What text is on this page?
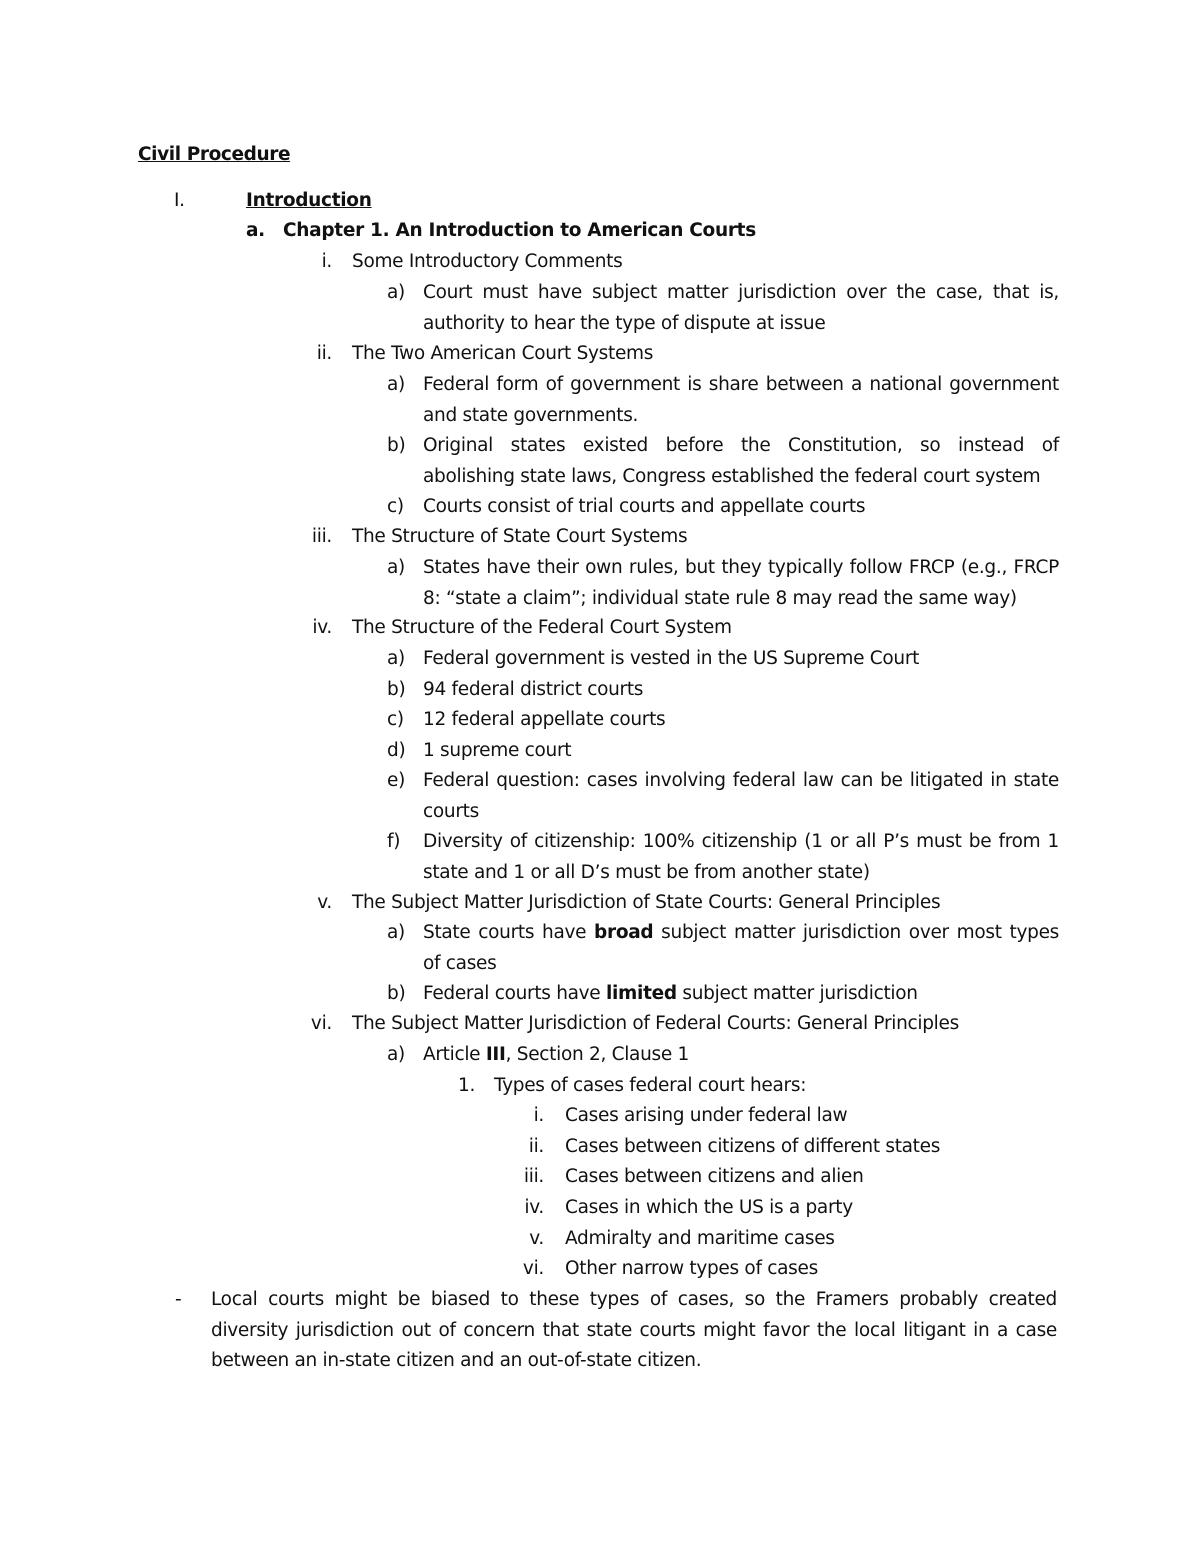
Civil Procedure
I.	Introduction
a. Chapter 1. An Introduction to American Courts
i. Some Introductory Comments
a) Court must have subject matter jurisdiction over the case, that is, authority to hear the type of dispute at issue
ii. The Two American Court Systems
a) Federal form of government is share between a national government and state governments.
b) Original states existed before the Constitution, so instead of abolishing state laws, Congress established the federal court system
c) Courts consist of trial courts and appellate courts
iii. The Structure of State Court Systems
a) States have their own rules, but they typically follow FRCP (e.g., FRCP 8: “state a claim”; individual state rule 8 may read the same way)
iv. The Structure of the Federal Court System
a) Federal government is vested in the US Supreme Court
b) 94 federal district courts
c) 12 federal appellate courts
d) 1 supreme court
e) Federal question: cases involving federal law can be litigated in state courts
f) Diversity of citizenship: 100% citizenship (1 or all P’s must be from 1 state and 1 or all D’s must be from another state)
v. The Subject Matter Jurisdiction of State Courts: General Principles
a) State courts have broad subject matter jurisdiction over most types of cases
b) Federal courts have limited subject matter jurisdiction
vi. The Subject Matter Jurisdiction of Federal Courts: General Principles
a) Article III, Section 2, Clause 1
1. Types of cases federal court hears:
i. Cases arising under federal law
ii. Cases between citizens of different states
iii. Cases between citizens and alien
iv. Cases in which the US is a party
v. Admiralty and maritime cases
vi. Other narrow types of cases
- Local courts might be biased to these types of cases, so the Framers probably created diversity jurisdiction out of concern that state courts might favor the local litigant in a case between an in-state citizen and an out-of-state citizen.
